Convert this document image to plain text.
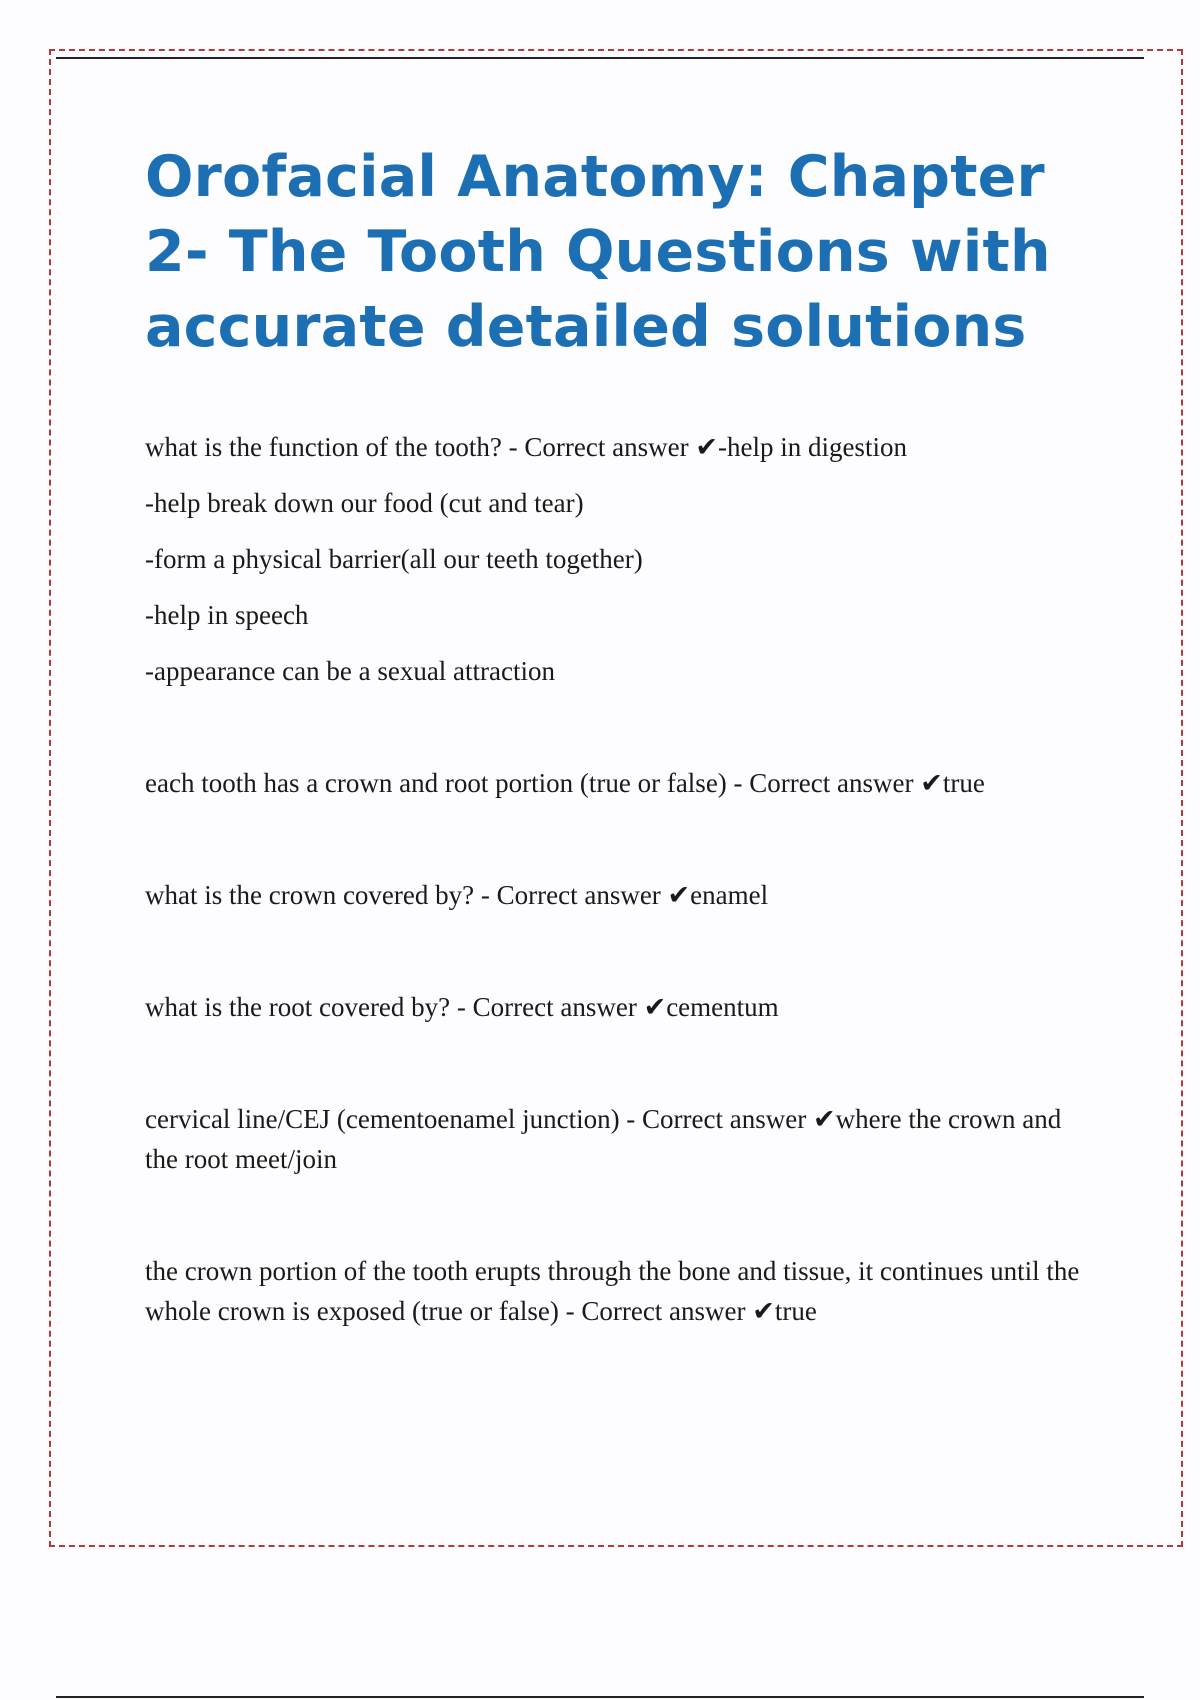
Orofacial Anatomy: Chapter
2- The Tooth Questions with
accurate detailed solutions

what is the function of the tooth? - Correct answer ✔-help in digestion
-help break down our food (cut and tear)
-form a physical barrier(all our teeth together)
-help in speech
-appearance can be a sexual attraction

each tooth has a crown and root portion (true or false) - Correct answer ✔true

what is the crown covered by? - Correct answer ✔enamel

what is the root covered by? - Correct answer ✔cementum

cervical line/CEJ (cementoenamel junction) - Correct answer ✔where the crown and the root meet/join

the crown portion of the tooth erupts through the bone and tissue, it continues until the whole crown is exposed (true or false) - Correct answer ✔true
